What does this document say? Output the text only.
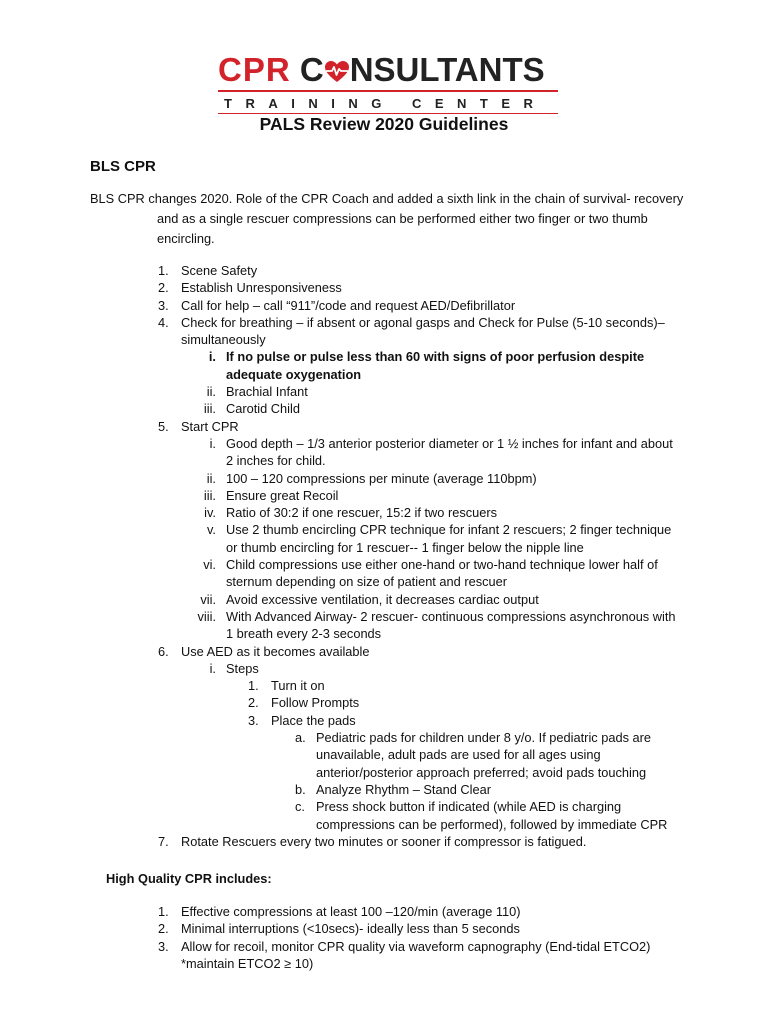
CPR C NSULTANTS
TRAINING CENTER
PALS Review 2020 Guidelines
BLS CPR
BLS CPR changes 2020. Role of the CPR Coach and added a sixth link in the chain of survival- recovery
and as a single rescuer compressions can be performed either two finger or two thumb
encircling.
1. Scene Safety
2. Establish Unresponsiveness
3. Call for help – call “911”/code and request AED/Defibrillator
4. Check for breathing – if absent or agonal gasps and Check for Pulse (5-10 seconds)– simultaneously
i. If no pulse or pulse less than 60 with signs of poor perfusion despite adequate oxygenation
ii. Brachial Infant
iii. Carotid Child
5. Start CPR
i. Good depth – 1/3 anterior posterior diameter or 1 ½ inches for infant and about 2 inches for child.
ii. 100 – 120 compressions per minute (average 110bpm)
iii. Ensure great Recoil
iv. Ratio of 30:2 if one rescuer, 15:2 if two rescuers
v. Use 2 thumb encircling CPR technique for infant 2 rescuers; 2 finger technique or thumb encircling for 1 rescuer-- 1 finger below the nipple line
vi. Child compressions use either one-hand or two-hand technique lower half of sternum depending on size of patient and rescuer
vii. Avoid excessive ventilation, it decreases cardiac output
viii. With Advanced Airway- 2 rescuer- continuous compressions asynchronous with 1 breath every 2-3 seconds
6. Use AED as it becomes available
i. Steps
1. Turn it on
2. Follow Prompts
3. Place the pads
a. Pediatric pads for children under 8 y/o. If pediatric pads are unavailable, adult pads are used for all ages using anterior/posterior approach preferred; avoid pads touching
b. Analyze Rhythm – Stand Clear
c. Press shock button if indicated (while AED is charging compressions can be performed), followed by immediate CPR
7. Rotate Rescuers every two minutes or sooner if compressor is fatigued.
High Quality CPR includes:
1. Effective compressions at least 100 –120/min (average 110)
2. Minimal interruptions (<10secs)- ideally less than 5 seconds
3. Allow for recoil, monitor CPR quality via waveform capnography (End-tidal ETCO2) *maintain ETCO2 ≥ 10)
